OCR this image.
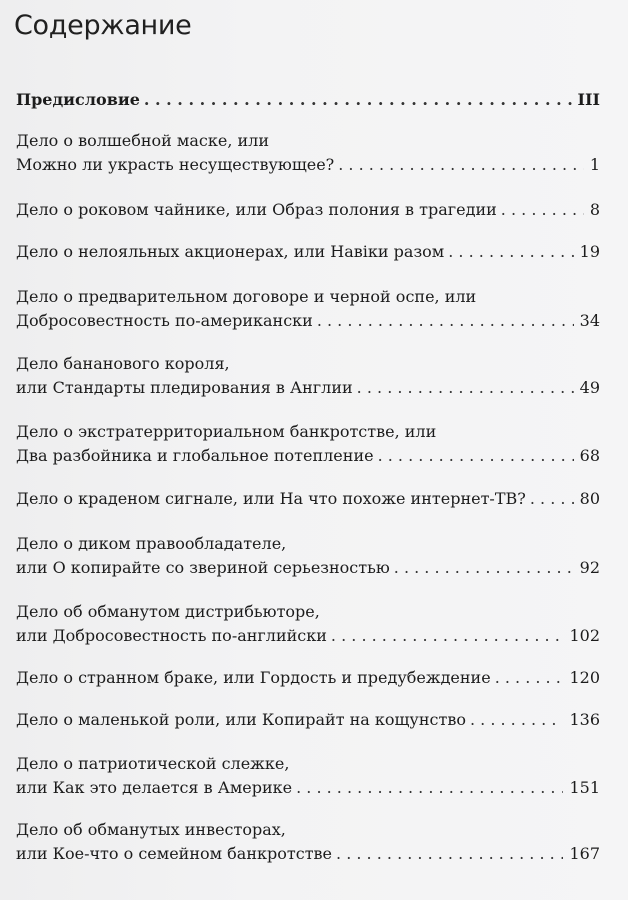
Содержание
Предисловие . . .	III
Дело о волшебной маске, или
Можно ли украсть несуществующее? . . .	1
Дело о роковом чайнике, или Образ полония в трагедии . . .	8
Дело о нелояльных акционерах, или Навiки разом . . .	19
Дело о предварительном договоре и черной оспе, или
Добросовестность по-американски . . .	34
Дело бананового короля,
или Стандарты пледирования в Англии . . .	49
Дело о экстратерриториальном банкротстве, или
Два разбойника и глобальное потепление . . .	68
Дело о краденом сигнале, или На что похоже интернет-ТВ? . . .	80
Дело о диком правообладателе,
или О копирайте со звериной серьезностью . . .	92
Дело об обманутом дистрибьюторе,
или Добросовестность по-английски . . .	102
Дело о странном браке, или Гордость и предубеждение . . .	120
Дело о маленькой роли, или Копирайт на кощунство . . .	136
Дело о патриотической слежке,
или Как это делается в Америке . . .	151
Дело об обманутых инвесторах,
или Кое-что о семейном банкротстве . . .	167
